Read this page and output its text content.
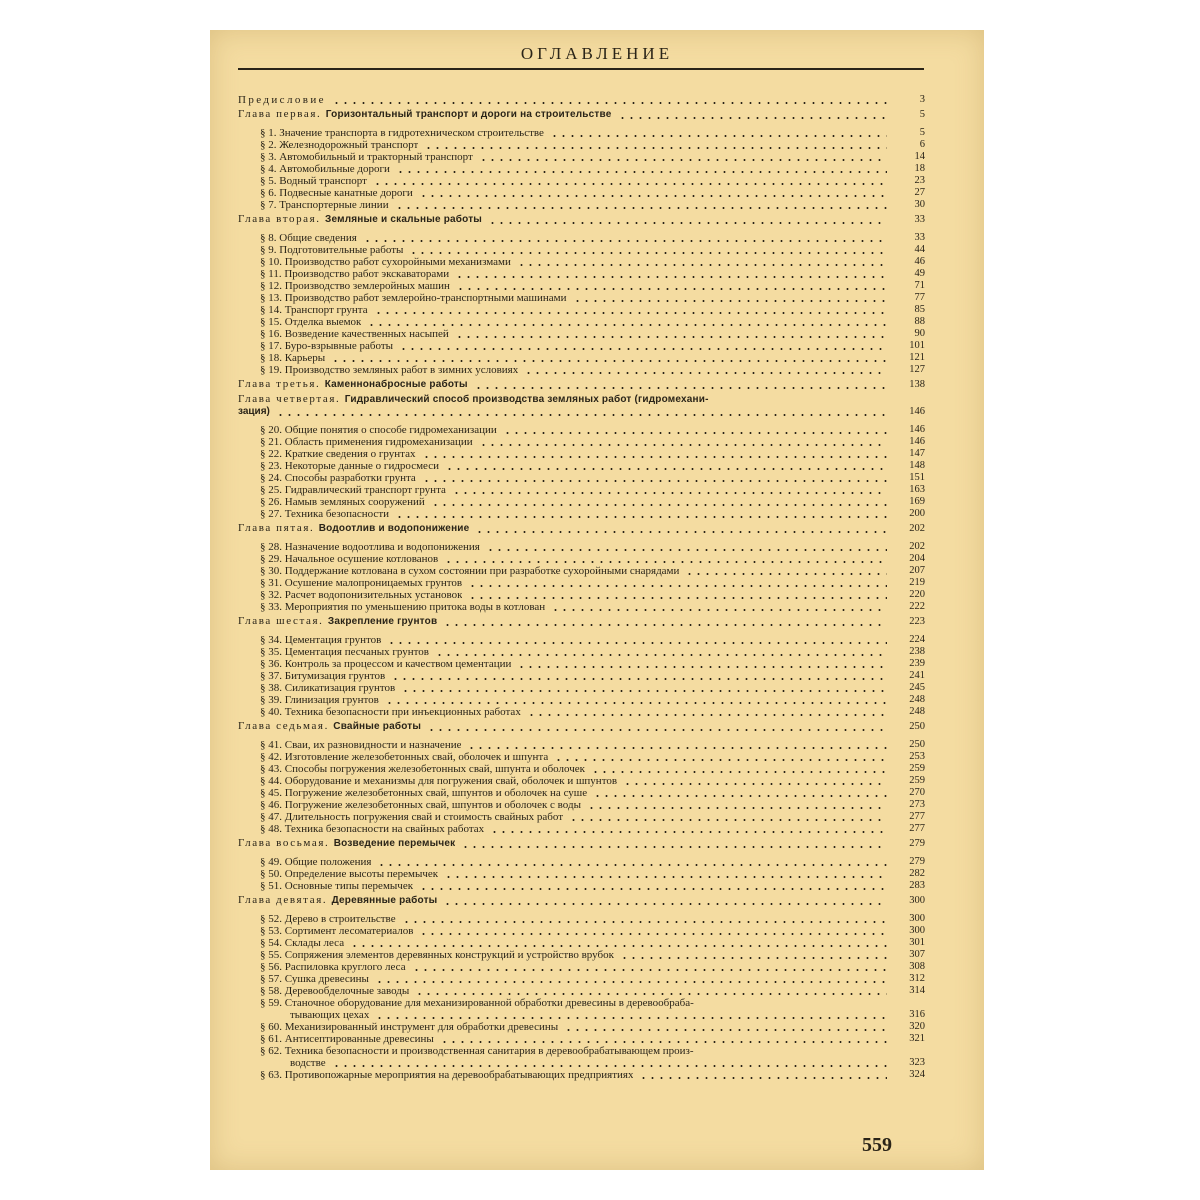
ОГЛАВЛЕНИЕ
Предисловие	3
Глава первая. Горизонтальный транспорт и дороги на строительстве	5
§ 1. Значение транспорта в гидротехническом строительстве	5
§ 2. Железнодорожный транспорт	6
§ 3. Автомобильный и тракторный транспорт	14
§ 4. Автомобильные дороги	18
§ 5. Водный транспорт	23
§ 6. Подвесные канатные дороги	27
§ 7. Транспортерные линии	30
Глава вторая. Земляные и скальные работы	33
§ 8. Общие сведения	33
§ 9. Подготовительные работы	44
§ 10. Производство работ сухоройными механизмами	46
§ 11. Производство работ экскаваторами	49
§ 12. Производство землеройных машин	71
§ 13. Производство работ землеройно-транспортными машинами	77
§ 14. Транспорт грунта	85
§ 15. Отделка выемок	88
§ 16. Возведение качественных насыпей	90
§ 17. Буро-взрывные работы	101
§ 18. Карьеры	121
§ 19. Производство земляных работ в зимних условиях	127
Глава третья. Каменнонабросные работы	138
Глава четвертая. Гидравлический способ производства земляных работ (гидромехани-
зация)	146
§ 20. Общие понятия о способе гидромеханизации	146
§ 21. Область применения гидромеханизации	146
§ 22. Краткие сведения о грунтах	147
§ 23. Некоторые данные о гидросмеси	148
§ 24. Способы разработки грунта	151
§ 25. Гидравлический транспорт грунта	163
§ 26. Намыв земляных сооружений	169
§ 27. Техника безопасности	200
Глава пятая. Водоотлив и водопонижение	202
§ 28. Назначение водоотлива и водопонижения	202
§ 29. Начальное осушение котлованов	204
§ 30. Поддержание котлована в сухом состоянии при разработке сухоройными снарядами	207
§ 31. Осушение малопроницаемых грунтов	219
§ 32. Расчет водопонизительных установок	220
§ 33. Мероприятия по уменьшению притока воды в котлован	222
Глава шестая. Закрепление грунтов	223
§ 34. Цементация грунтов	224
§ 35. Цементация песчаных грунтов	238
§ 36. Контроль за процессом и качеством цементации	239
§ 37. Битумизация грунтов	241
§ 38. Силикатизация грунтов	245
§ 39. Глинизация грунтов	248
§ 40. Техника безопасности при инъекционных работах	248
Глава седьмая. Свайные работы	250
§ 41. Сваи, их разновидности и назначение	250
§ 42. Изготовление железобетонных свай, оболочек и шпунта	253
§ 43. Способы погружения железобетонных свай, шпунта и оболочек	259
§ 44. Оборудование и механизмы для погружения свай, оболочек и шпунтов	259
§ 45. Погружение железобетонных свай, шпунтов и оболочек на суше	270
§ 46. Погружение железобетонных свай, шпунтов и оболочек с воды	273
§ 47. Длительность погружения свай и стоимость свайных работ	277
§ 48. Техника безопасности на свайных работах	277
Глава восьмая. Возведение перемычек	279
§ 49. Общие положения	279
§ 50. Определение высоты перемычек	282
§ 51. Основные типы перемычек	283
Глава девятая. Деревянные работы	300
§ 52. Дерево в строительстве	300
§ 53. Сортимент лесоматериалов	300
§ 54. Склады леса	301
§ 55. Сопряжения элементов деревянных конструкций и устройство врубок	307
§ 56. Распиловка круглого леса	308
§ 57. Сушка древесины	312
§ 58. Деревообделочные заводы	314
§ 59. Станочное оборудование для механизированной обработки древесины в деревообраба-
тывающих цехах	316
§ 60. Механизированный инструмент для обработки древесины	320
§ 61. Антисептированные древесины	321
§ 62. Техника безопасности и производственная санитария в деревообрабатывающем произ-
водстве	323
§ 63. Противопожарные мероприятия на деревообрабатывающих предприятиях	324
559
